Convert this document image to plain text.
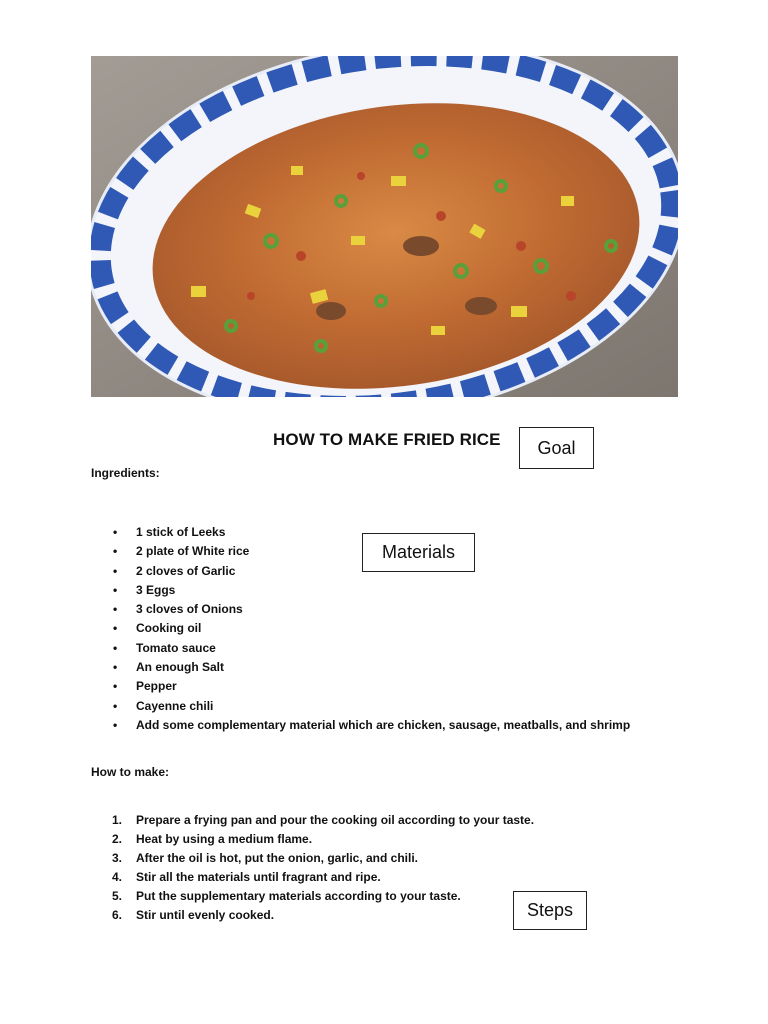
HOW TO MAKE FRIED RICE	Goal
Ingredients:
• 1 stick of Leeks
• 2 plate of White rice
• 2 cloves of Garlic
• 3 Eggs
• 3 cloves of Onions
• Cooking oil
• Tomato sauce
• An enough Salt
• Pepper
• Cayenne chili
• Add some complementary material which are chicken, sausage, meatballs, and shrimp
Materials
How to make:
1. Prepare a frying pan and pour the cooking oil according to your taste.
2. Heat by using a medium flame.
3. After the oil is hot, put the onion, garlic, and chili.
4. Stir all the materials until fragrant and ripe.
5. Put the supplementary materials according to your taste.
6. Stir until evenly cooked.	Steps
